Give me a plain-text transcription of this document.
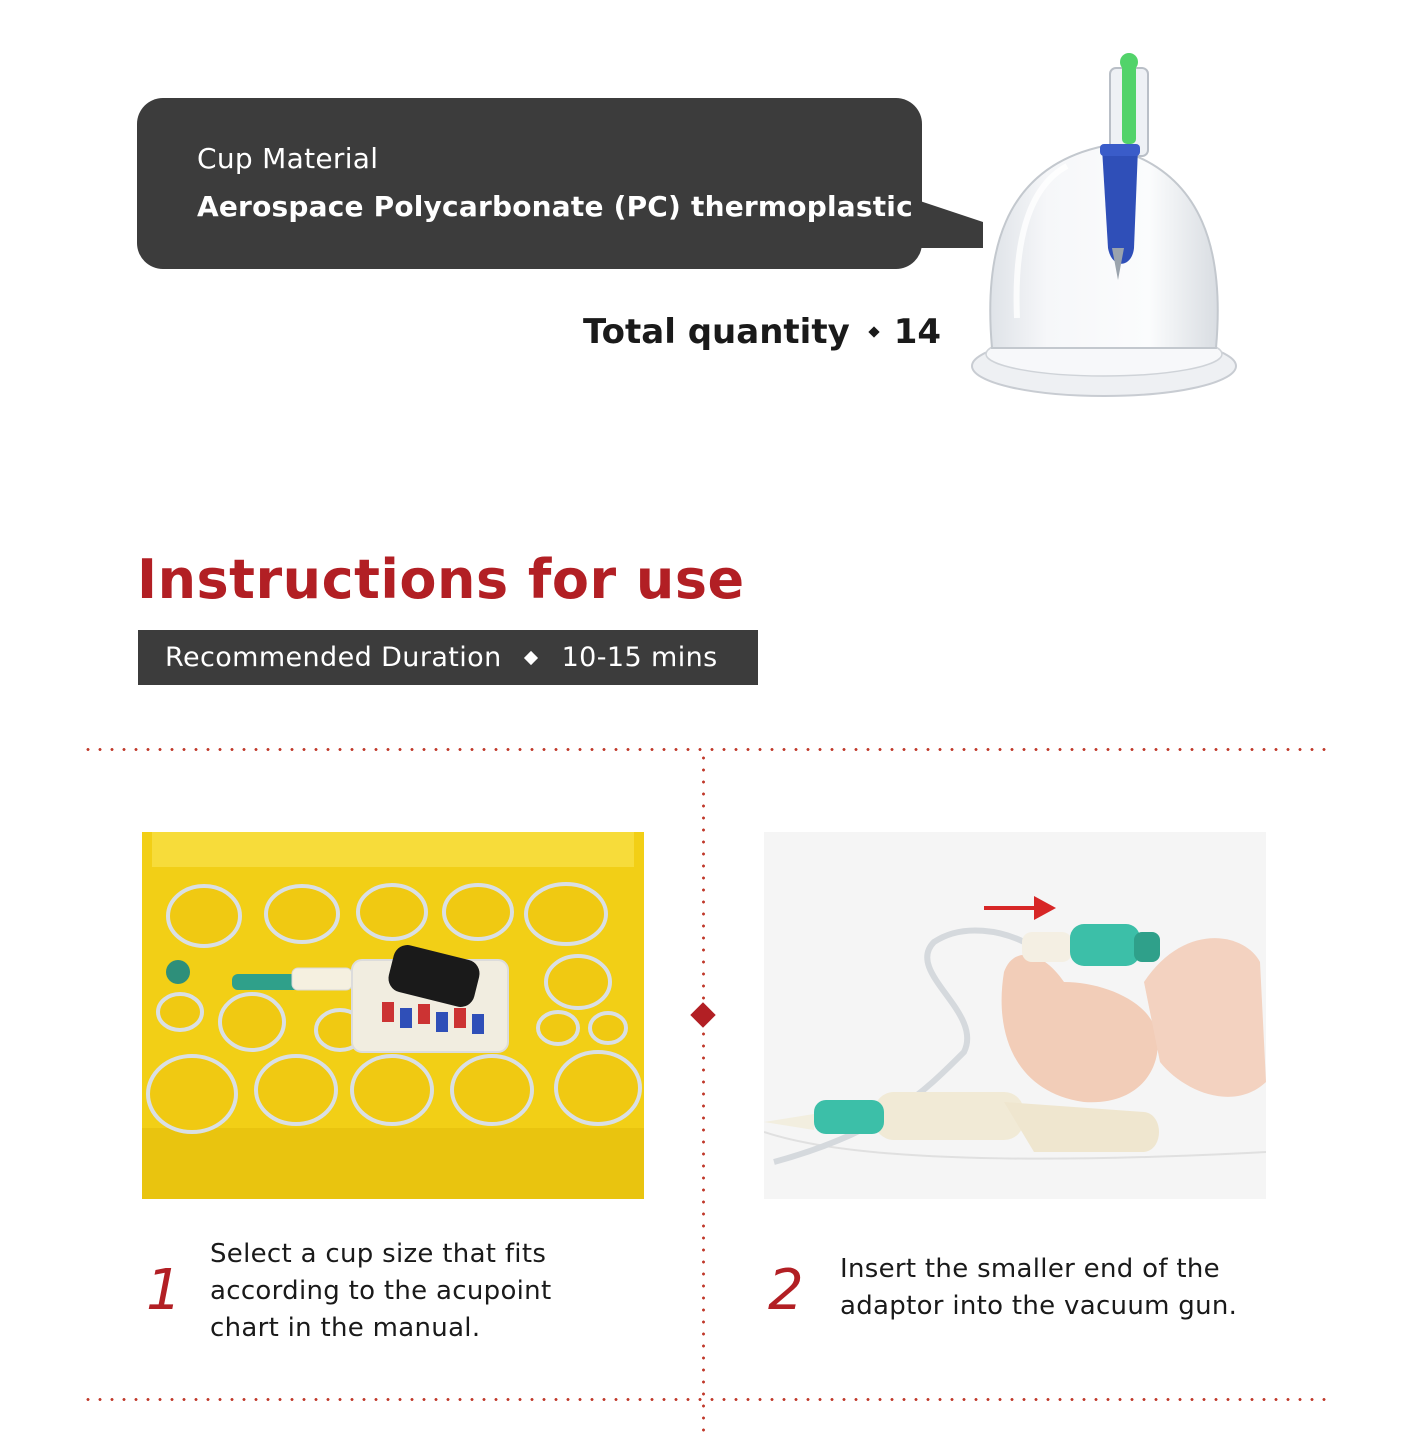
Cup Material
Aerospace Polycarbonate (PC) thermoplastic
Total quantity 14
Instructions for use
Recommended Duration 10-15 mins
1
Select a cup size that fits
according to the acupoint
chart in the manual.
2 Insert the smaller end of the
adaptor into the vacuum gun.
